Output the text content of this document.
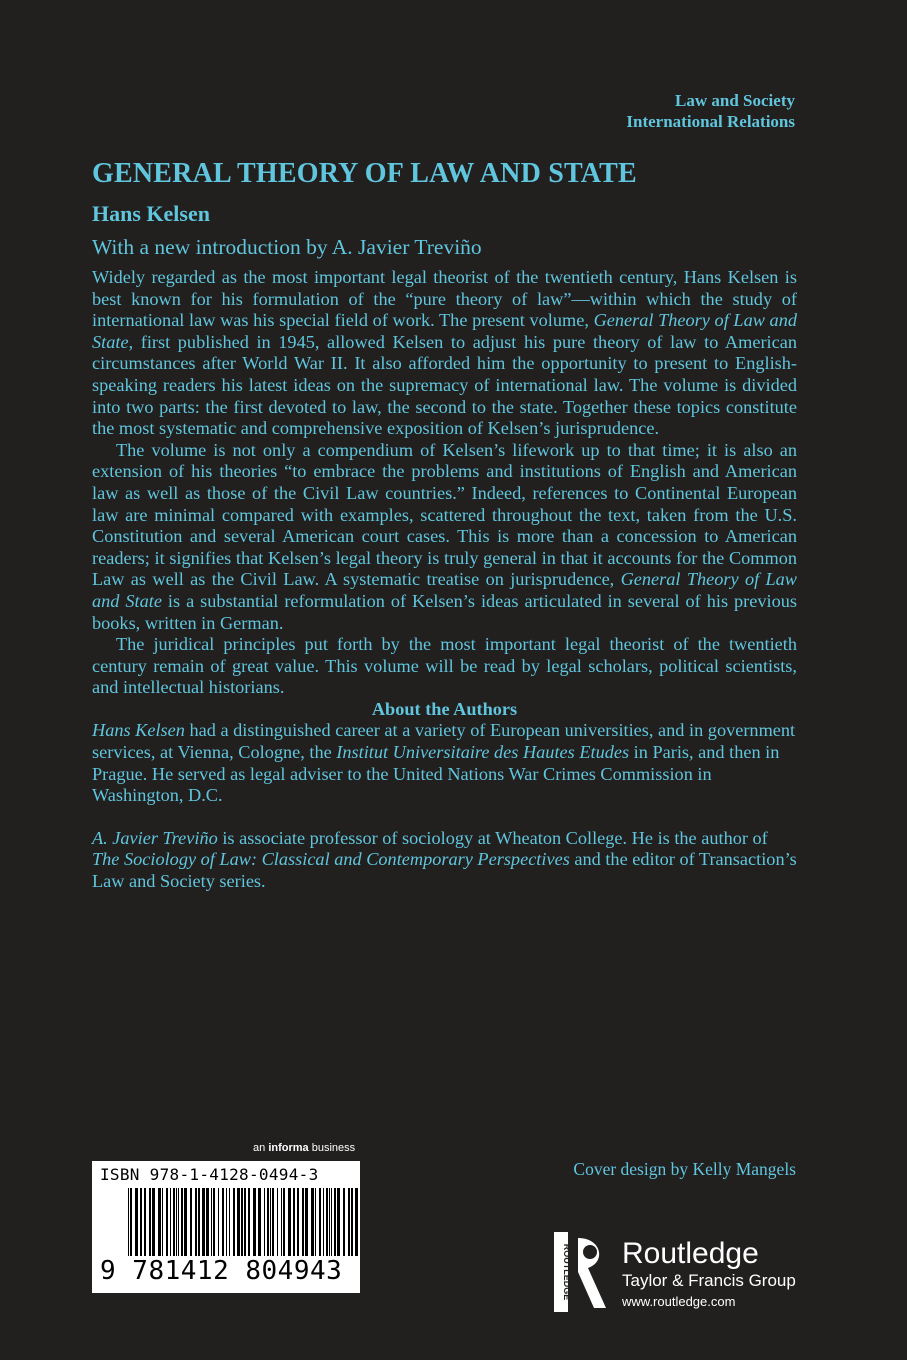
Law and Society
International Relations
GENERAL THEORY OF LAW AND STATE
Hans Kelsen
With a new introduction by A. Javier Treviño

Widely regarded as the most important legal theorist of the twentieth century, Hans Kelsen is best known for his formulation of the “pure theory of law”—within which the study of international law was his special field of work. The present volume, General Theory of Law and State, first published in 1945, allowed Kelsen to adjust his pure theory of law to American circumstances after World War II. It also afforded him the opportunity to present to English-speaking readers his latest ideas on the supremacy of international law. The volume is divided into two parts: the first devoted to law, the second to the state. Together these topics constitute the most systematic and comprehensive exposition of Kelsen’s jurisprudence.

The volume is not only a compendium of Kelsen’s lifework up to that time; it is also an extension of his theories “to embrace the problems and institutions of English and American law as well as those of the Civil Law countries.” Indeed, references to Continental European law are minimal compared with examples, scattered throughout the text, taken from the U.S. Constitution and several American court cases. This is more than a concession to American readers; it signifies that Kelsen’s legal theory is truly general in that it accounts for the Common Law as well as the Civil Law. A systematic treatise on jurisprudence, General Theory of Law and State is a substantial reformulation of Kelsen’s ideas articulated in several of his previous books, written in German.

The juridical principles put forth by the most important legal theorist of the twentieth century remain of great value. This volume will be read by legal scholars, political scientists, and intellectual historians.

About the Authors

Hans Kelsen had a distinguished career at a variety of European universities, and in government services, at Vienna, Cologne, the Institut Universitaire des Hautes Etudes in Paris, and then in Prague. He served as legal adviser to the United Nations War Crimes Commission in Washington, D.C.

A. Javier Treviño is associate professor of sociology at Wheaton College. He is the author of The Sociology of Law: Classical and Contemporary Perspectives and the editor of Transaction’s Law and Society series.

an informa business
Cover design by Kelly Mangels
ISBN 978-1-4128-0494-3
9 781412 804943	ROUTLEDGE Routledge
Taylor & Francis Group
www.routledge.com
